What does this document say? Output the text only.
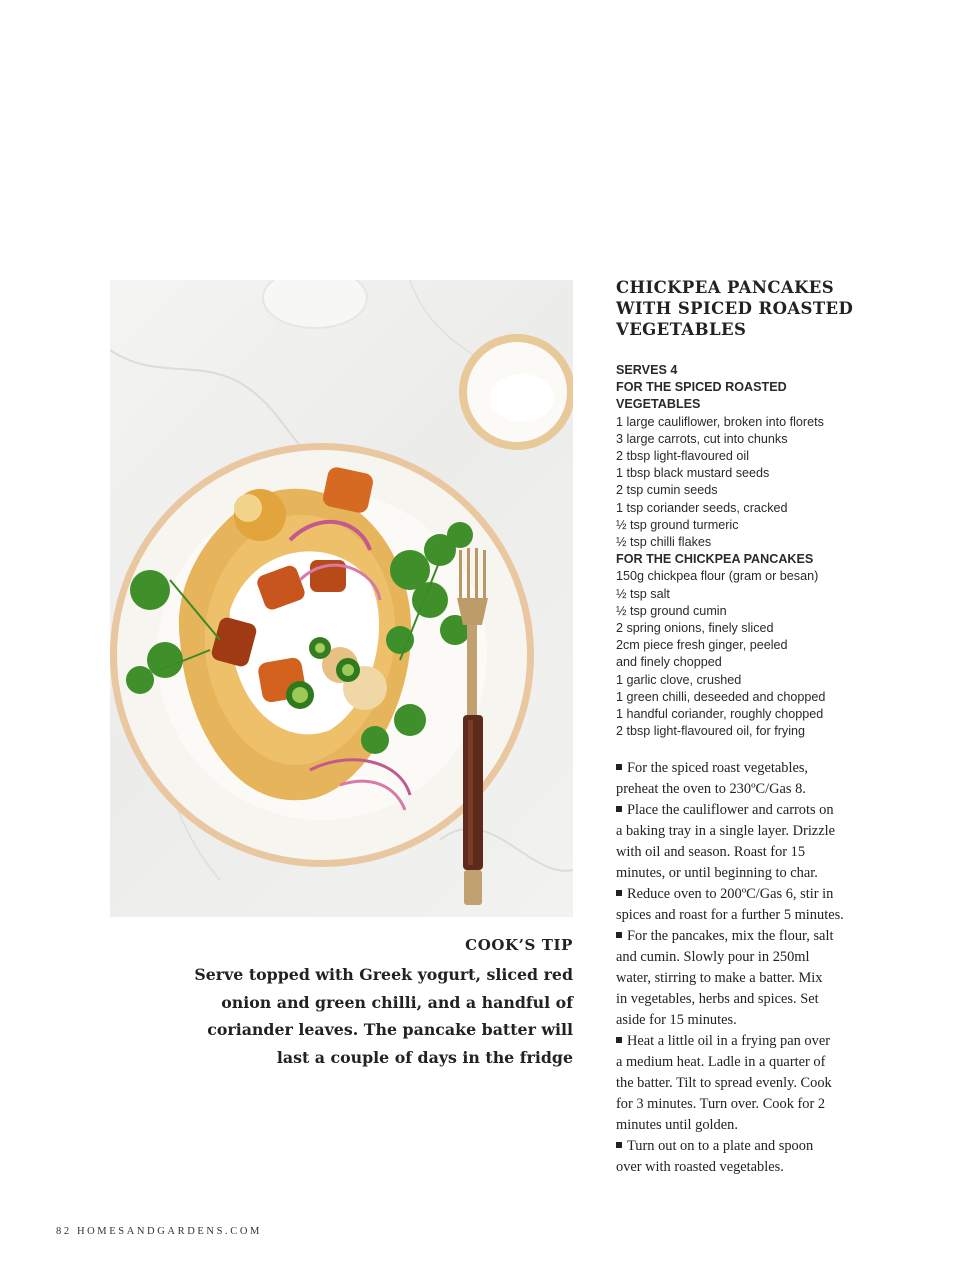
CHICKPEA PANCAKES
WITH SPICED ROASTED
VEGETABLES
SERVES 4
FOR THE SPICED ROASTED
VEGETABLES
1 large cauliflower, broken into florets
3 large carrots, cut into chunks
2 tbsp light-flavoured oil
1 tbsp black mustard seeds
2 tsp cumin seeds
1 tsp coriander seeds, cracked
½ tsp ground turmeric
½ tsp chilli flakes
FOR THE CHICKPEA PANCAKES
150g chickpea flour (gram or besan)
½ tsp salt
½ tsp ground cumin
2 spring onions, finely sliced
2cm piece fresh ginger, peeled
and finely chopped
1 garlic clove, crushed
1 green chilli, deseeded and chopped
1 handful coriander, roughly chopped
2 tbsp light-flavoured oil, for frying
For the spiced roast vegetables,
preheat the oven to 230ºC/Gas 8.
Place the cauliflower and carrots on
a baking tray in a single layer. Drizzle
with oil and season. Roast for 15
minutes, or until beginning to char.
Reduce oven to 200ºC/Gas 6, stir in
spices and roast for a further 5 minutes.
For the pancakes, mix the flour, salt
and cumin. Slowly pour in 250ml
water, stirring to make a batter. Mix
in vegetables, herbs and spices. Set
aside for 15 minutes.
Heat a little oil in a frying pan over
a medium heat. Ladle in a quarter of
the batter. Tilt to spread evenly. Cook
for 3 minutes. Turn over. Cook for 2
minutes until golden.
Turn out on to a plate and spoon
over with roasted vegetables.
COOK’S TIP

Serve topped with Greek yogurt, sliced red
onion and green chilli, and a handful of
coriander leaves. The pancake batter will
last a couple of days in the fridge

82 HOMESANDGARDENS.COM
